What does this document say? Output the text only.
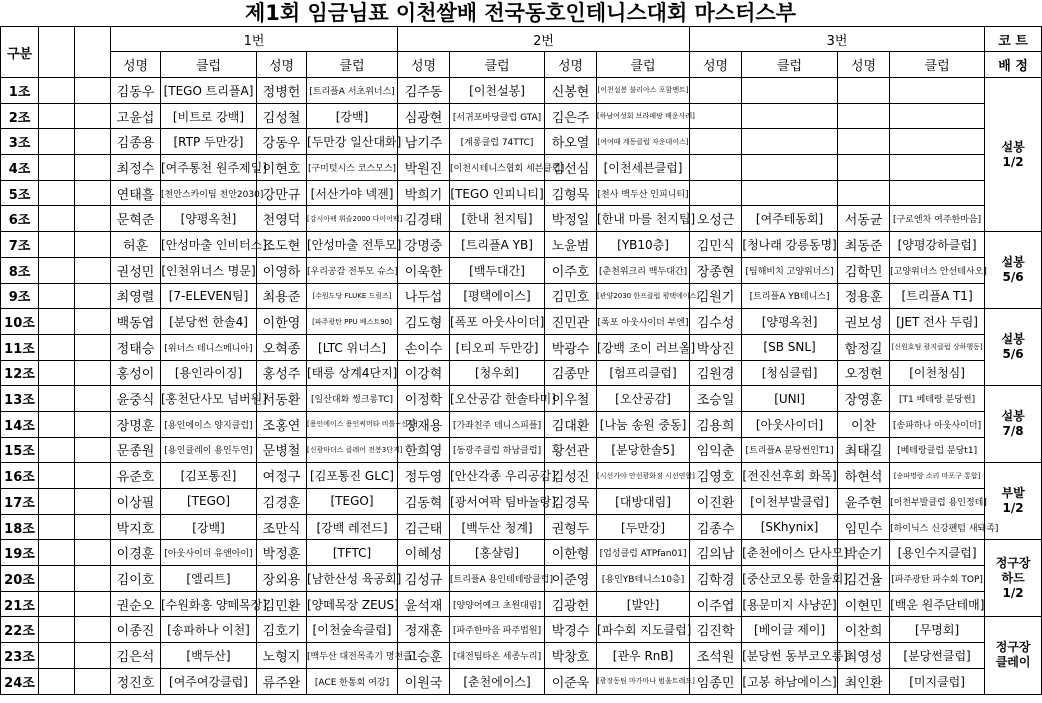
제1회 임금님표 이천쌀배 전국동호인테니스대회 마스터스부
구분			1번				2번				3번				코 트
			성명	클럽	성명	클럽	성명	클럽	성명	클럽	성명	클럽	성명	클럽	배 정
1조			김동우	[TEGO 트리플A]	정병헌	[트리플A 서초위너스]	김주동	[이천설봉]	신봉현	[이천설봉 불리아스 포함멘트]					설봉
1/2
2조			고윤섭	[비트로 강백]	김성철	[강백]	심광현	[서귀포바당클럽 GTA]	김은주	[하남여성회 브라페팡 배운사례]					
3조			김종용	[RTP 두만강]	강동우	[두만강 일산대화]	남기주	[계롱클럽 74TTC]	하오열	[여여때 계동클럽 자운데이스]					
4조			최정수	[여주통천 원주제일]	이현호	[구미텃시스 코스모스]	박원진	[이천시테니스협회 세븐클럽]	김선심	[이천세븐클럽]					
5조			연태흘	[천안스카이팀 천안2030]	강만규	[서산가야 넥젠]	박희기	[TEGO 인피니티]	김형묵	[천사 백두산 인피니티]					
6조			문혁준	[양평옥천]	천영덕	[강시아팩 휘슬2000 다이어팩]	김경태	[한내 천지팁]	박정일	[한내 마를 천지팁]	오성근	[여주테동회]	서동균	[구로엔차 여주한마음]	
7조			허훈	[안성마출 인비터스]	조도현	[안성마출 전투모]	강명중	[트리플A YB]	노윤범	[YB10층]	김민식	[청나래 강릉동명]	최동준	[양평강하클럽]	설봉
5/6
8조			권성민	[인천위너스 명문]	이영하	[우리공감 전투모 슈스]	이욱한	[백두대간]	이주호	[춘천위크리 백두대간]	장종현	[팀해비치 고양위너스]	김학민	[고양위너스 안선테사오]	
9조			최영렬	[7-ELEVEN팀]	최용준	[수원도당 FLUKE 드림즈]	나두섭	[평택에이스]	김민호	[관양2030 한프클럽 평택에이스]	김원기	[트리플A YB테니스]	정용훈	[트리플A T1]	
10조			백동엽	[분당썬 한솔4]	이한영	[파주광탄 PPU 베스트90]	김도형	[폭포 아웃사이더]	진민관	[폭포 아웃사이더 부엔]	김수성	[양평옥천]	권보성	[JET 전사 두림]	설봉
5/6
11조			정태승	[위너스 테니스메니아]	오혁종	[LTC 위너스]	손이수	[티오피 두만강]	박광수	[강백 조이 러브올]	박상진	[SB SNL]	함정길	[신원호팀 광지클럽 상하행동]	
12조			홍성이	[용인라이징]	홍성주	[태릉 상계4단지]	이강혁	[청우회]	김종만	[험프리클럽]	김원경	[청심클럽]	오정현	[이천청심]	
13조			윤중식	[홍천단사모 넘버원]	서동환	[일산대화 썽크롱TC]	이정학	[오산공감 한솔타미]	이우철	[오산공감]	조승일	[UNI]	장영훈	[T1 베테랑 분당썬]	설봉
7/8
14조			장명훈	[용인에이스 양지클럽]	조홍연	[용인에이스 용인써머타 비틀~신통]	장재용	[가좌친주 테니스피플]	김대환	[나눔 송원 중동]	김용희	[아웃사이더]	이찬	[송파하나 아웃사이더]	
15조			문종원	[용인클레이 용인두연]	문병철	[신광마더스 클레어 전봉3단지]	한희영	[동광주클럽 하남클럽]	황선관	[분당한솔5]	임익춘	[트리플A 분당썬인T1]	최태길	[베테랑클럽 분당t1]	
16조			유준호	[김포통진]	여정구	[김포통진 GLC]	정두영	[안산각종 우리공감]	김성진	[시선가야 안선광화점 시선연합]	김영호	[전진선후회 화목]	하현석	[송파명랑 소리 마포구 통합]	부발
1/2
17조			이상필	[TEGO]	김경훈	[TEGO]	김동혁	[광서여팍 팀바놀랑]	김경묵	[대방대림]	이진환	[이천부발클럽]	윤주현	[이천부발클럽 용인정테]	
18조			박지호	[강백]	조만식	[강백 레전드]	김근태	[백두산 청계]	권형두	[두만강]	김종수	[SKhynix]	임민수	[하이닉스 신강팬텀 새돼족]	
19조			이경훈	[아웃사이더 유앤아이]	박정훈	[TFTC]	이혜성	[홍샬림]	이한형	[업성클럽 ATPfan01]	김의남	[춘천에이스 단사모]	박순기	[용인수지클럽]	정구장
하드
1/2
20조			김이호	[엘리트]	장외용	[남한산성 육공회]	김성규	[트리플A 용인테테랑클럽]	이준영	[용인YB테니스10층]	김학경	[중산코오롱 한울회]	김건율	[파주광탄 파수회 TOP]	
21조			권순오	[수원화홍 양떼목장]	김민환	[양떼목장 ZEUS]	윤석재	[양양어예크 초원대림]	김광헌	[발안]	이주엽	[용문미지 사냥꾼]	이현민	[백운 원주단테매]	
22조			이종진	[송파하나 이천]	김호기	[이천숲속클럽]	정재훈	[파주한마음 파주법원]	박경수	[파수회 지도클럽]	김진학	[베이글 제이]	이찬희	[무명회]	정구장
클레이
23조			김은석	[백두산]	노형지	[백두산 대전목족기 명천클]	고승훈	[대전팀타온 세종누리]	박창호	[관우 RnB]	조석원	[분당썬 동부코오롱]	최영성	[분당썬클럽]	
24조			정진호	[여주여강클럽]	류주완	[ACE 한통회 여강]	이원국	[춘천에이스]	이준욱	[광장동팀 마가마나 범울트레드]	임종민	[고봉 하남에이스]	최인환	[미지클럽]	
